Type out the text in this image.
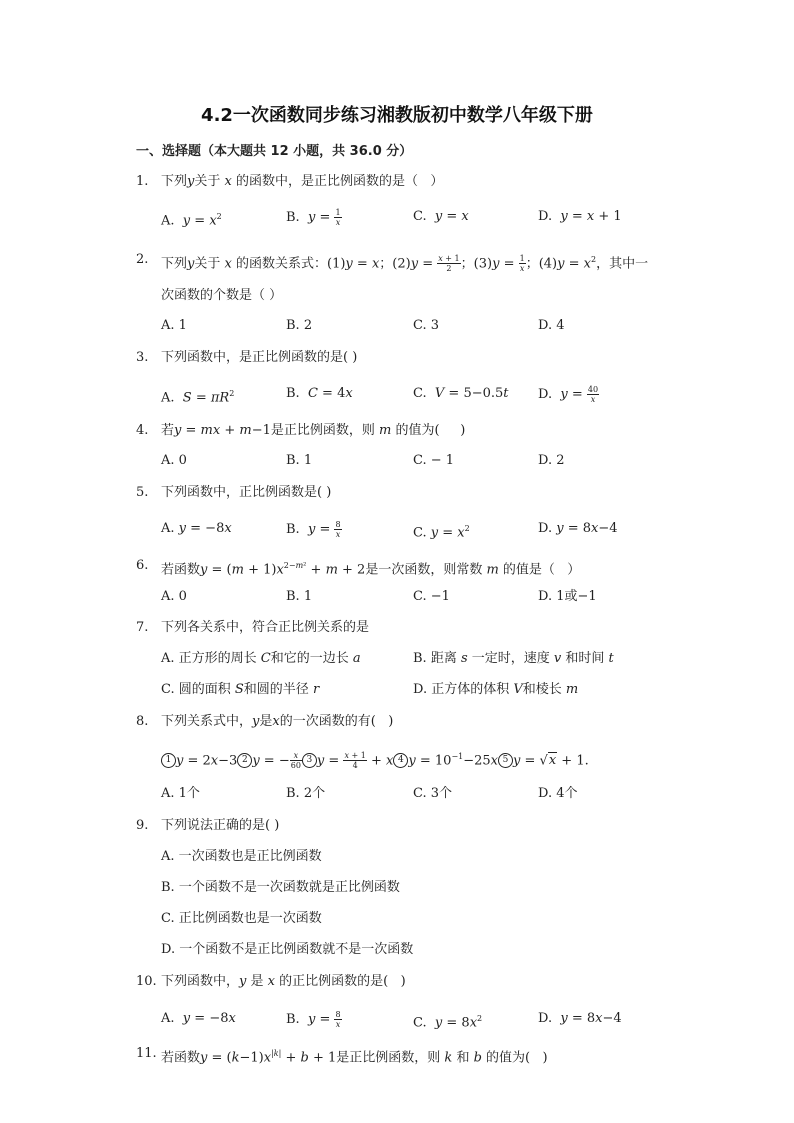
4.2一次函数同步练习湘教版初中数学八年级下册
一、选择题（本大题共 12 小题，共 36.0 分）
1. 下列y关于 x 的函数中，是正比例函数的是（   ）
A.  $y = x^2$	B.  $y = \frac{1}{x}$	C.  y = x	D.  y = x + 1
2. 下列y关于 x 的函数关系式：(1)y = x；$(2)y = \frac{x + 1}{2}$ ；$(3)y = \frac{1}{x}$ ；$(4)y = x^2$，其中一
次函数的个数是（ ）
A. 1	B. 2	C. 3	D. 4
3. 下列函数中，是正比例函数的是( )
A.  $S = \pi R^2$	B.  C = 4x	C.  V = 5−0.5t D.  $y = \frac{40}{x}$
4. 若y = mx + m−1是正比例函数，则 m 的值为(     )
A. 0	B. 1	C. − 1	D. 2
5. 下列函数中，正比例函数是( )
A. y = −8x	B.  $y = \frac{8}{x}$	C. $y = x^2$	D. y = 8x−4
6. 若函数$y = (m + 1)x^{2-m^2} + m + 2$是一次函数，则常数 m 的值是（   ）
A. 0	B. 1	C. −1	D. 1或−1
7. 下列各关系中，符合正比例关系的是
A. 正方形的周长 C和它的一边长 a	B. 距离 s 一定时，速度 v 和时间 t
C. 圆的面积 S和圆的半径 r	D. 正方体的体积 V和棱长 m
8. 下列关系式中，y是x的一次函数的有(   )
1 y = 2x−3 2 y = − $\frac{x}{60} 3$ $y = \frac{x + 1}{4} + x$ 4 $y = 10^{-1}-25x$ 5 y = √x + 1.
A. 1个	B. 2个	C. 3个	D. 4个
9. 下列说法正确的是( )
A. 一次函数也是正比例函数
B. 一个函数不是一次函数就是正比例函数
C. 正比例函数也是一次函数
D. 一个函数不是正比例函数就不是一次函数
10. 下列函数中，y 是 x 的正比例函数的是(   )
A.  y = −8x	B.  $y = \frac{8}{x}$	C.  $y = 8x^2$	D.  y = 8x−4
11. 若函数$y = (k-1)x^{|k|} + b + 1$是正比例函数，则 k 和 b 的值为(   )
